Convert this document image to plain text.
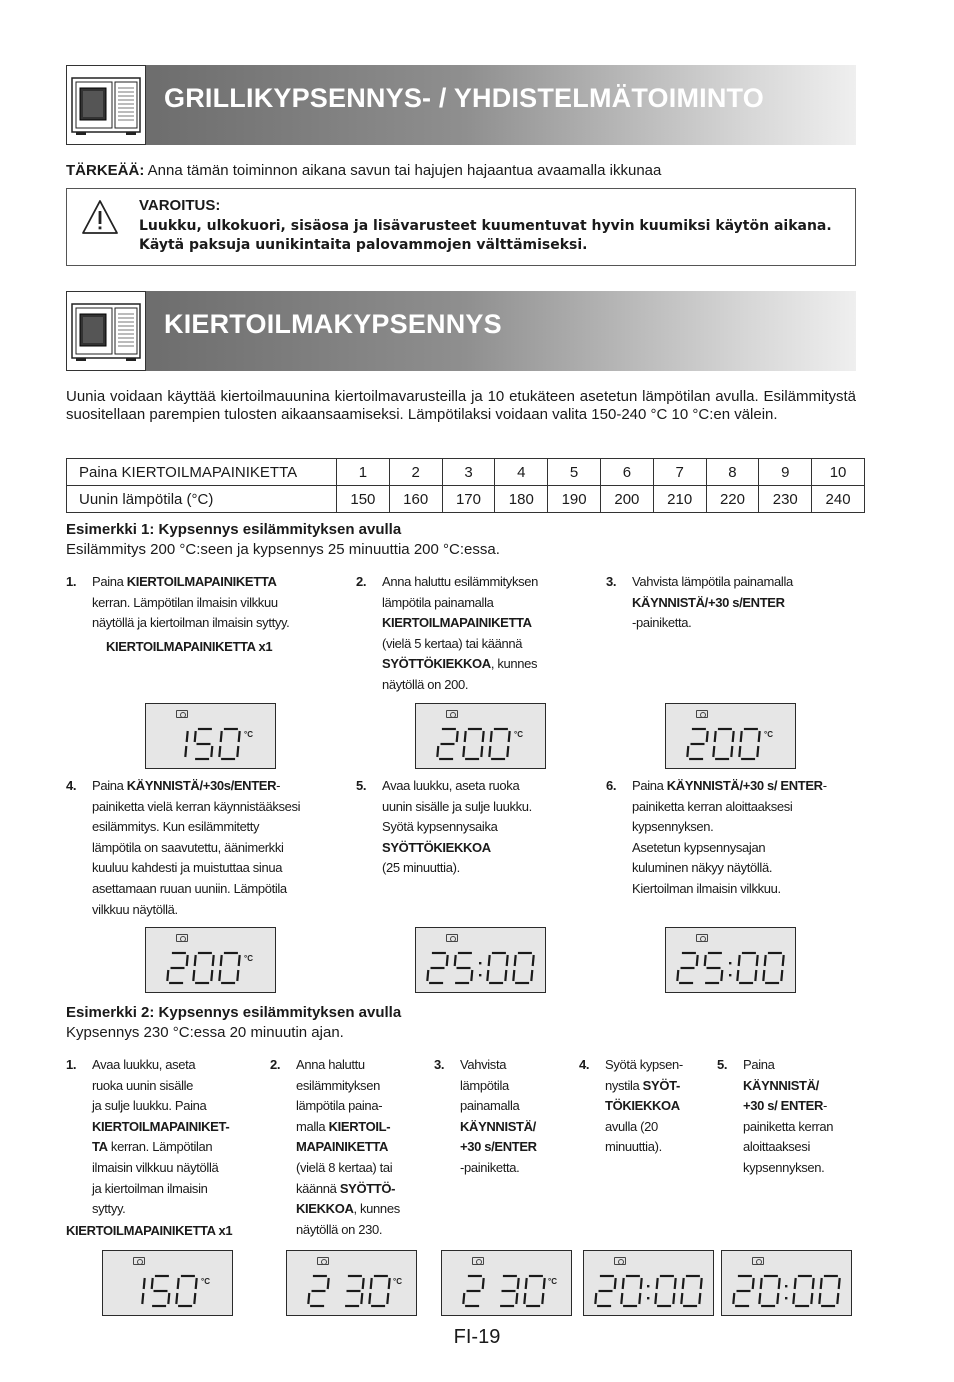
GRILLIKYPSENNYS- / YHDISTELMÄTOIMINTO
TÄRKEÄÄ: Anna tämän toiminnon aikana savun tai hajujen hajaantua avaamalla ikkunaa
VAROITUS:
Luukku, ulkokuori, sisäosa ja lisävarusteet kuumentuvat hyvin kuumiksi käytön aikana. Käytä paksuja uunikintaita palovammojen välttämiseksi.
KIERTOILMAKYPSENNYS
Uunia voidaan käyttää kiertoilmauunina kiertoilmavarusteilla ja 10 etukäteen asetetun lämpötilan avulla. Esilämmitystä suositellaan parempien tulosten aikaansaamiseksi. Lämpötilaksi voidaan valita 150-240 °C 10 °C:en välein.
Paina KIERTOILMAPAINIKETTA	1	2	3	4	5	6	7	8	9	10
Uunin lämpötila (°C)	150	160	170	180	190	200	210	220	230	240
Esimerkki 1: Kypsennys esilämmityksen avulla
Esilämmitys 200 °C:seen ja kypsennys 25 minuuttia 200 °C:essa.
1. Paina KIERTOILMAPAINIKETTA

kerran. Lämpötilan ilmaisin vilkkuu

näytöllä ja kiertoilman ilmaisin syttyy.

2. Anna haluttu esilämmityksen

lämpötila painamalla

KIERTOILMAPAINIKETTA

(vielä 5 kertaa) tai käännä

SYÖTTÖKIEKKOA, kunnes

näytöllä on 200.

3. Vahvista lämpötila painamalla

KÄYNNISTÄ/+30 s/ENTER

-painiketta.

KIERTOILMAPAINIKETTA x1
°C	°C	°C
4. Paina KÄYNNISTÄ/+30s/ENTER-

painiketta vielä kerran käynnistääksesi

esilämmitys. Kun esilämmitetty

lämpötila on saavutettu, äänimerkki

kuuluu kahdesti ja muistuttaa sinua

asettamaan ruuan uuniin. Lämpötila

vilkkuu näytöllä.

5. Avaa luukku, aseta ruoka

uunin sisälle ja sulje luukku.

Syötä kypsennysaika

SYÖTTÖKIEKKOA

(25 minuuttia).

6. Paina KÄYNNISTÄ/+30 s/ ENTER-

painiketta kerran aloittaaksesi

kypsennyksen.

Asetetun kypsennysajan

kuluminen näkyy näytöllä.

Kiertoilman ilmaisin vilkkuu.

°C
Esimerkki 2: Kypsennys esilämmityksen avulla
Kypsennys 230 °C:essa 20 minuutin ajan.
1. Avaa luukku, aseta

ruoka uunin sisälle

ja sulje luukku. Paina

KIERTOILMAPAINIKET-

TA kerran. Lämpötilan

ilmaisin vilkkuu näytöllä

ja kiertoilman ilmaisin

syttyy.

2. Anna haluttu

esilämmityksen

lämpötila paina-

malla KIERTOIL-

MAPAINIKETTA

(vielä 8 kertaa) tai

käännä SYÖTTÖ-

KIEKKOA, kunnes

näytöllä on 230.

3. Vahvista

lämpötila

painamalla

KÄYNNISTÄ/

+30 s/ENTER

-painiketta.

4. Syötä kypsen-

nystila SYÖT-

TÖKIEKKOA

avulla (20

minuuttia).

5. Paina

KÄYNNISTÄ/

+30 s/ ENTER-

painiketta kerran

aloittaaksesi

kypsennyksen.

KIERTOILMAPAINIKETTA x1
°C	°C	°C
FI-19
